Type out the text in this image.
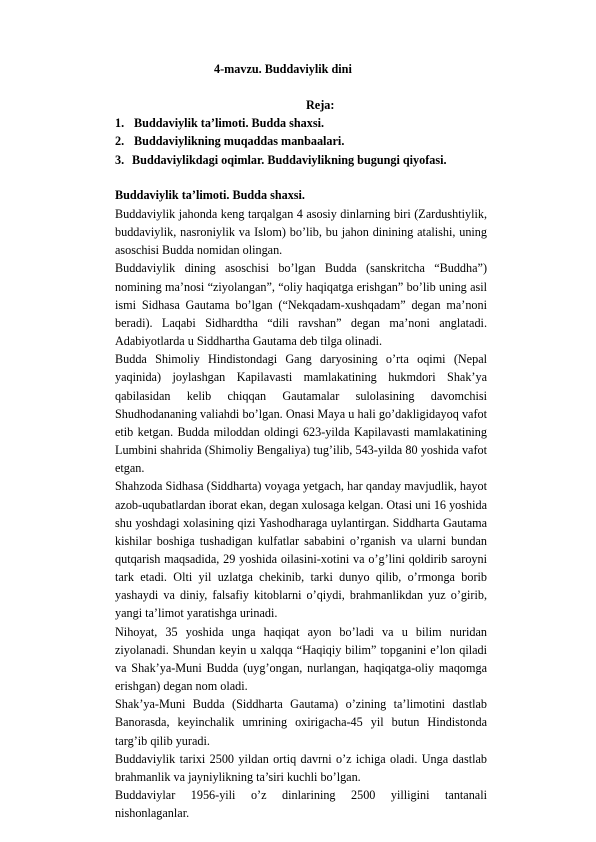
4-mavzu. Buddaviylik dini
Reja:
1. Buddaviylik ta’limoti. Budda shaxsi.
2. Buddaviylikning muqaddas manbaalari.
3. Buddaviylikdagi oqimlar. Buddaviylikning bugungi qiyofasi.
Buddaviylik ta’limoti. Budda shaxsi.

Buddaviylik jahonda keng tarqalgan 4 asosiy dinlarning biri (Zardushtiylik, buddaviylik, nasroniylik va Islom) bo’lib, bu jahon dinining atalishi, uning asoschisi Budda nomidan olingan.

Buddaviylik dining asoschisi bo’lgan Budda (sanskritcha “Buddha”) nomining ma’nosi “ziyolangan”, “oliy haqiqatga erishgan” bo’lib uning asil ismi Sidhasa Gautama bo’lgan (“Nekqadam-xushqadam” degan ma’noni beradi). Laqabi Sidhardtha “dili ravshan” degan ma’noni anglatadi. Adabiyotlarda u Siddhartha Gautama deb tilga olinadi.

Budda Shimoliy Hindistondagi Gang daryosining o’rta oqimi (Nepal yaqinida) joylashgan Kapilavasti mamlakatining hukmdori Shak’ya qabilasidan kelib chiqqan Gautamalar sulolasining davomchisi Shudhodananing valiahdi bo’lgan. Onasi Maya u hali go’dakligidayoq vafot etib ketgan. Budda miloddan oldingi 623-yilda Kapilavasti mamlakatining Lumbini shahrida (Shimoliy Bengaliya) tug’ilib, 543-yilda 80 yoshida vafot etgan.

Shahzoda Sidhasa (Siddharta) voyaga yetgach, har qanday mavjudlik, hayot azob-uqubatlardan iborat ekan, degan xulosaga kelgan. Otasi uni 16 yoshida shu yoshdagi xolasining qizi Yashodharaga uylantirgan. Siddharta Gautama kishilar boshiga tushadigan kulfatlar sababini o’rganish va ularni bundan qutqarish maqsadida, 29 yoshida oilasini-xotini va o’g’lini qoldirib saroyni tark etadi. Olti yil uzlatga chekinib, tarki dunyo qilib, o’rmonga borib yashaydi va diniy, falsafiy kitoblarni o’qiydi, brahmanlikdan yuz o’girib, yangi ta’limot yaratishga urinadi.

Nihoyat, 35 yoshida unga haqiqat ayon bo’ladi va u bilim nuridan ziyolanadi. Shundan keyin u xalqqa “Haqiqiy bilim” topganini e’lon qiladi va Shak’ya-Muni Budda (uyg’ongan, nurlangan, haqiqatga-oliy maqomga erishgan) degan nom oladi.

Shak’ya-Muni Budda (Siddharta Gautama) o’zining ta’limotini dastlab Banorasda, keyinchalik umrining oxirigacha-45 yil butun Hindistonda targ’ib qilib yuradi.

Buddaviylik tarixi 2500 yildan ortiq davrni o’z ichiga oladi. Unga dastlab brahmanlik va jayniylikning ta’siri kuchli bo’lgan.

Buddaviylar 1956-yili o’z dinlarining 2500 yilligini tantanali nishonlaganlar.
